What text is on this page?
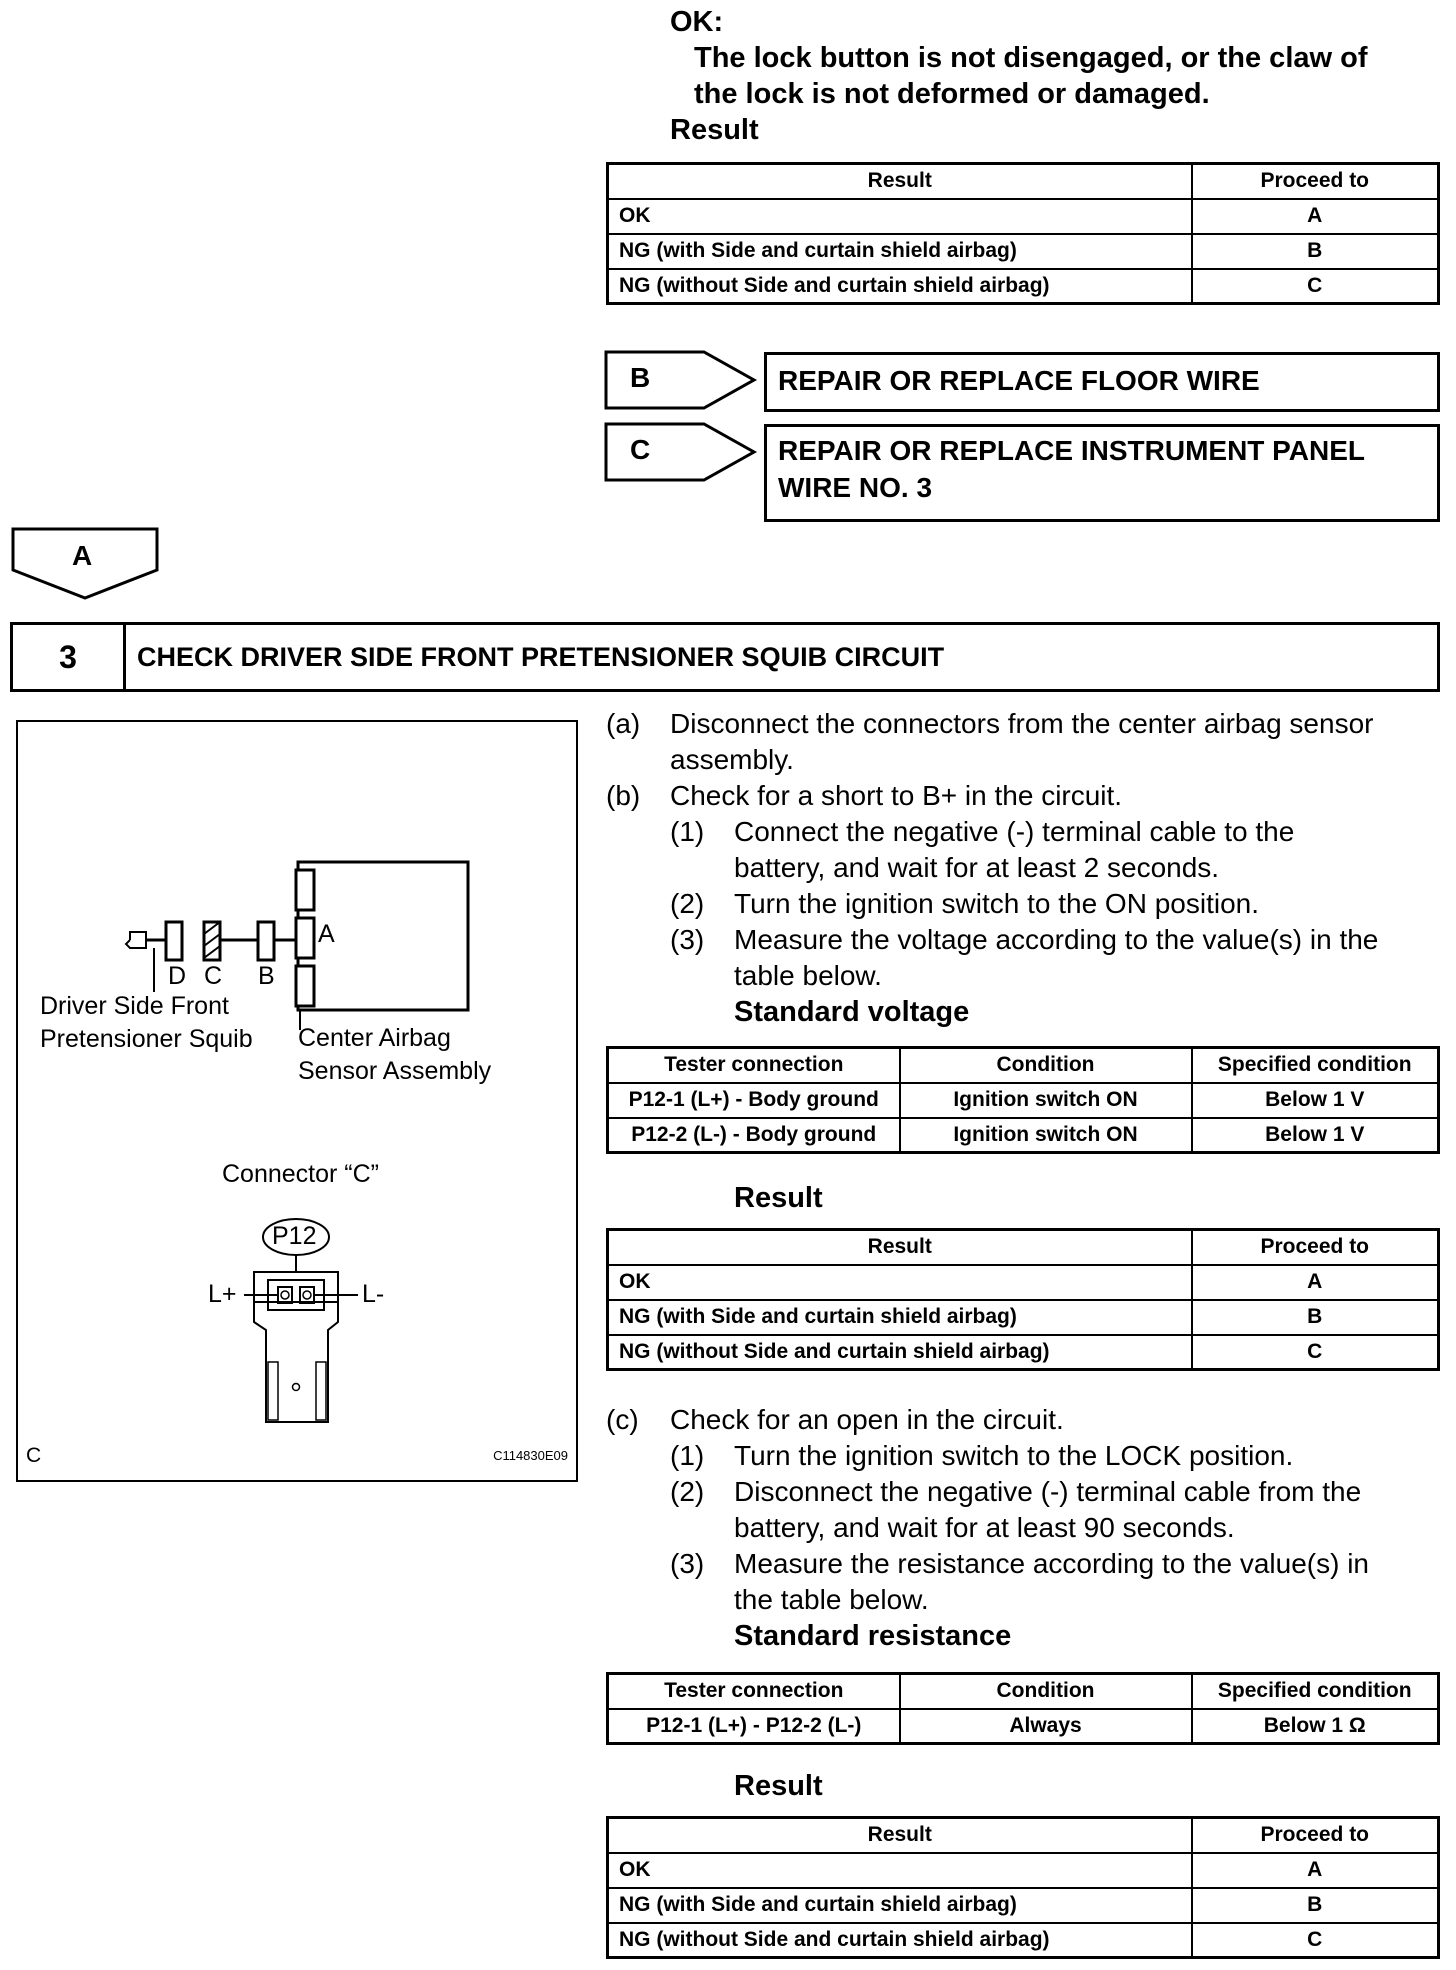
OK:
The lock button is not disengaged, or the claw of
the lock is not deformed or damaged.
Result
Result	Proceed to
OK	A
NG (with Side and curtain shield airbag)	B
NG (without Side and curtain shield airbag)	C
B	REPAIR OR REPLACE FLOOR WIRE
C	REPAIR OR REPLACE INSTRUMENT PANEL
WIRE NO. 3
A
3	CHECK DRIVER SIDE FRONT PRETENSIONER SQUIB CIRCUIT
A
D C B
Driver Side Front
Pretensioner Squib Center Airbag
Sensor Assembly
Connector “C”
P12
L+	L-
C	C114830E09
(a) Disconnect the connectors from the center airbag sensor
assembly.
(b) Check for a short to B+ in the circuit.
(1) Connect the negative (-) terminal cable to the
battery, and wait for at least 2 seconds.
(2) Turn the ignition switch to the ON position.
(3) Measure the voltage according to the value(s) in the
table below.
Standard voltage
Tester connection	Condition	Specified condition
P12-1 (L+) - Body ground	Ignition switch ON	Below 1 V
P12-2 (L-) - Body ground	Ignition switch ON	Below 1 V
Result
Result	Proceed to
OK	A
NG (with Side and curtain shield airbag)	B
NG (without Side and curtain shield airbag)	C
(c) Check for an open in the circuit.
(1) Turn the ignition switch to the LOCK position.
(2) Disconnect the negative (-) terminal cable from the
battery, and wait for at least 90 seconds.
(3) Measure the resistance according to the value(s) in
the table below.
Standard resistance
Tester connection	Condition	Specified condition
P12-1 (L+) - P12-2 (L-)	Always	Below 1 Ω
Result
Result	Proceed to
OK	A
NG (with Side and curtain shield airbag)	B
NG (without Side and curtain shield airbag)	C
